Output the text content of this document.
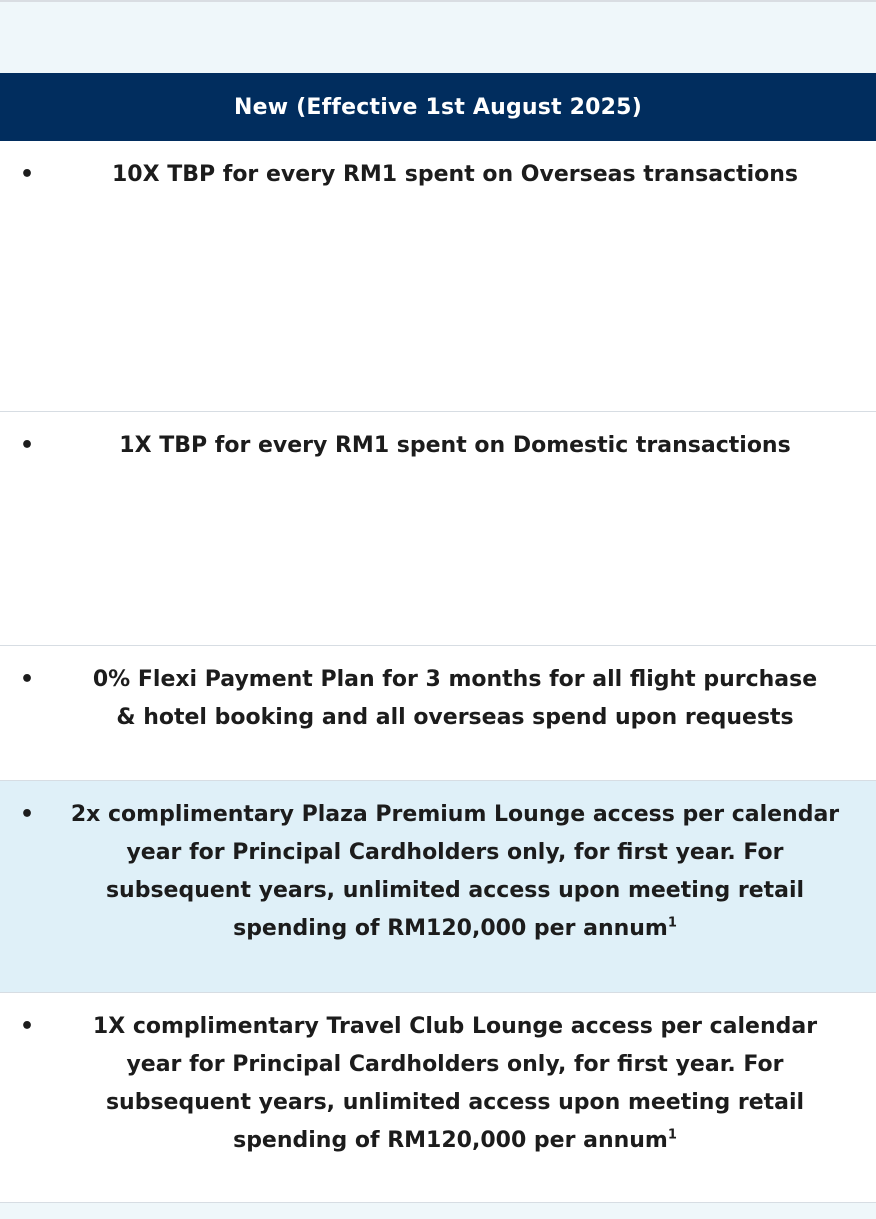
New (Effective 1st August 2025)
•	10X TBP for every RM1 spent on Overseas transactions
•	1X TBP for every RM1 spent on Domestic transactions
•	0% Flexi Payment Plan for 3 months for all flight purchase
& hotel booking and all overseas spend upon requests
•	2x complimentary Plaza Premium Lounge access per calendar
year for Principal Cardholders only, for first year. For
subsequent years, unlimited access upon meeting retail
spending of RM120,000 per annum$^1$
•	1X complimentary Travel Club Lounge access per calendar
year for Principal Cardholders only, for first year. For
subsequent years, unlimited access upon meeting retail
spending of RM120,000 per annum$^1$
